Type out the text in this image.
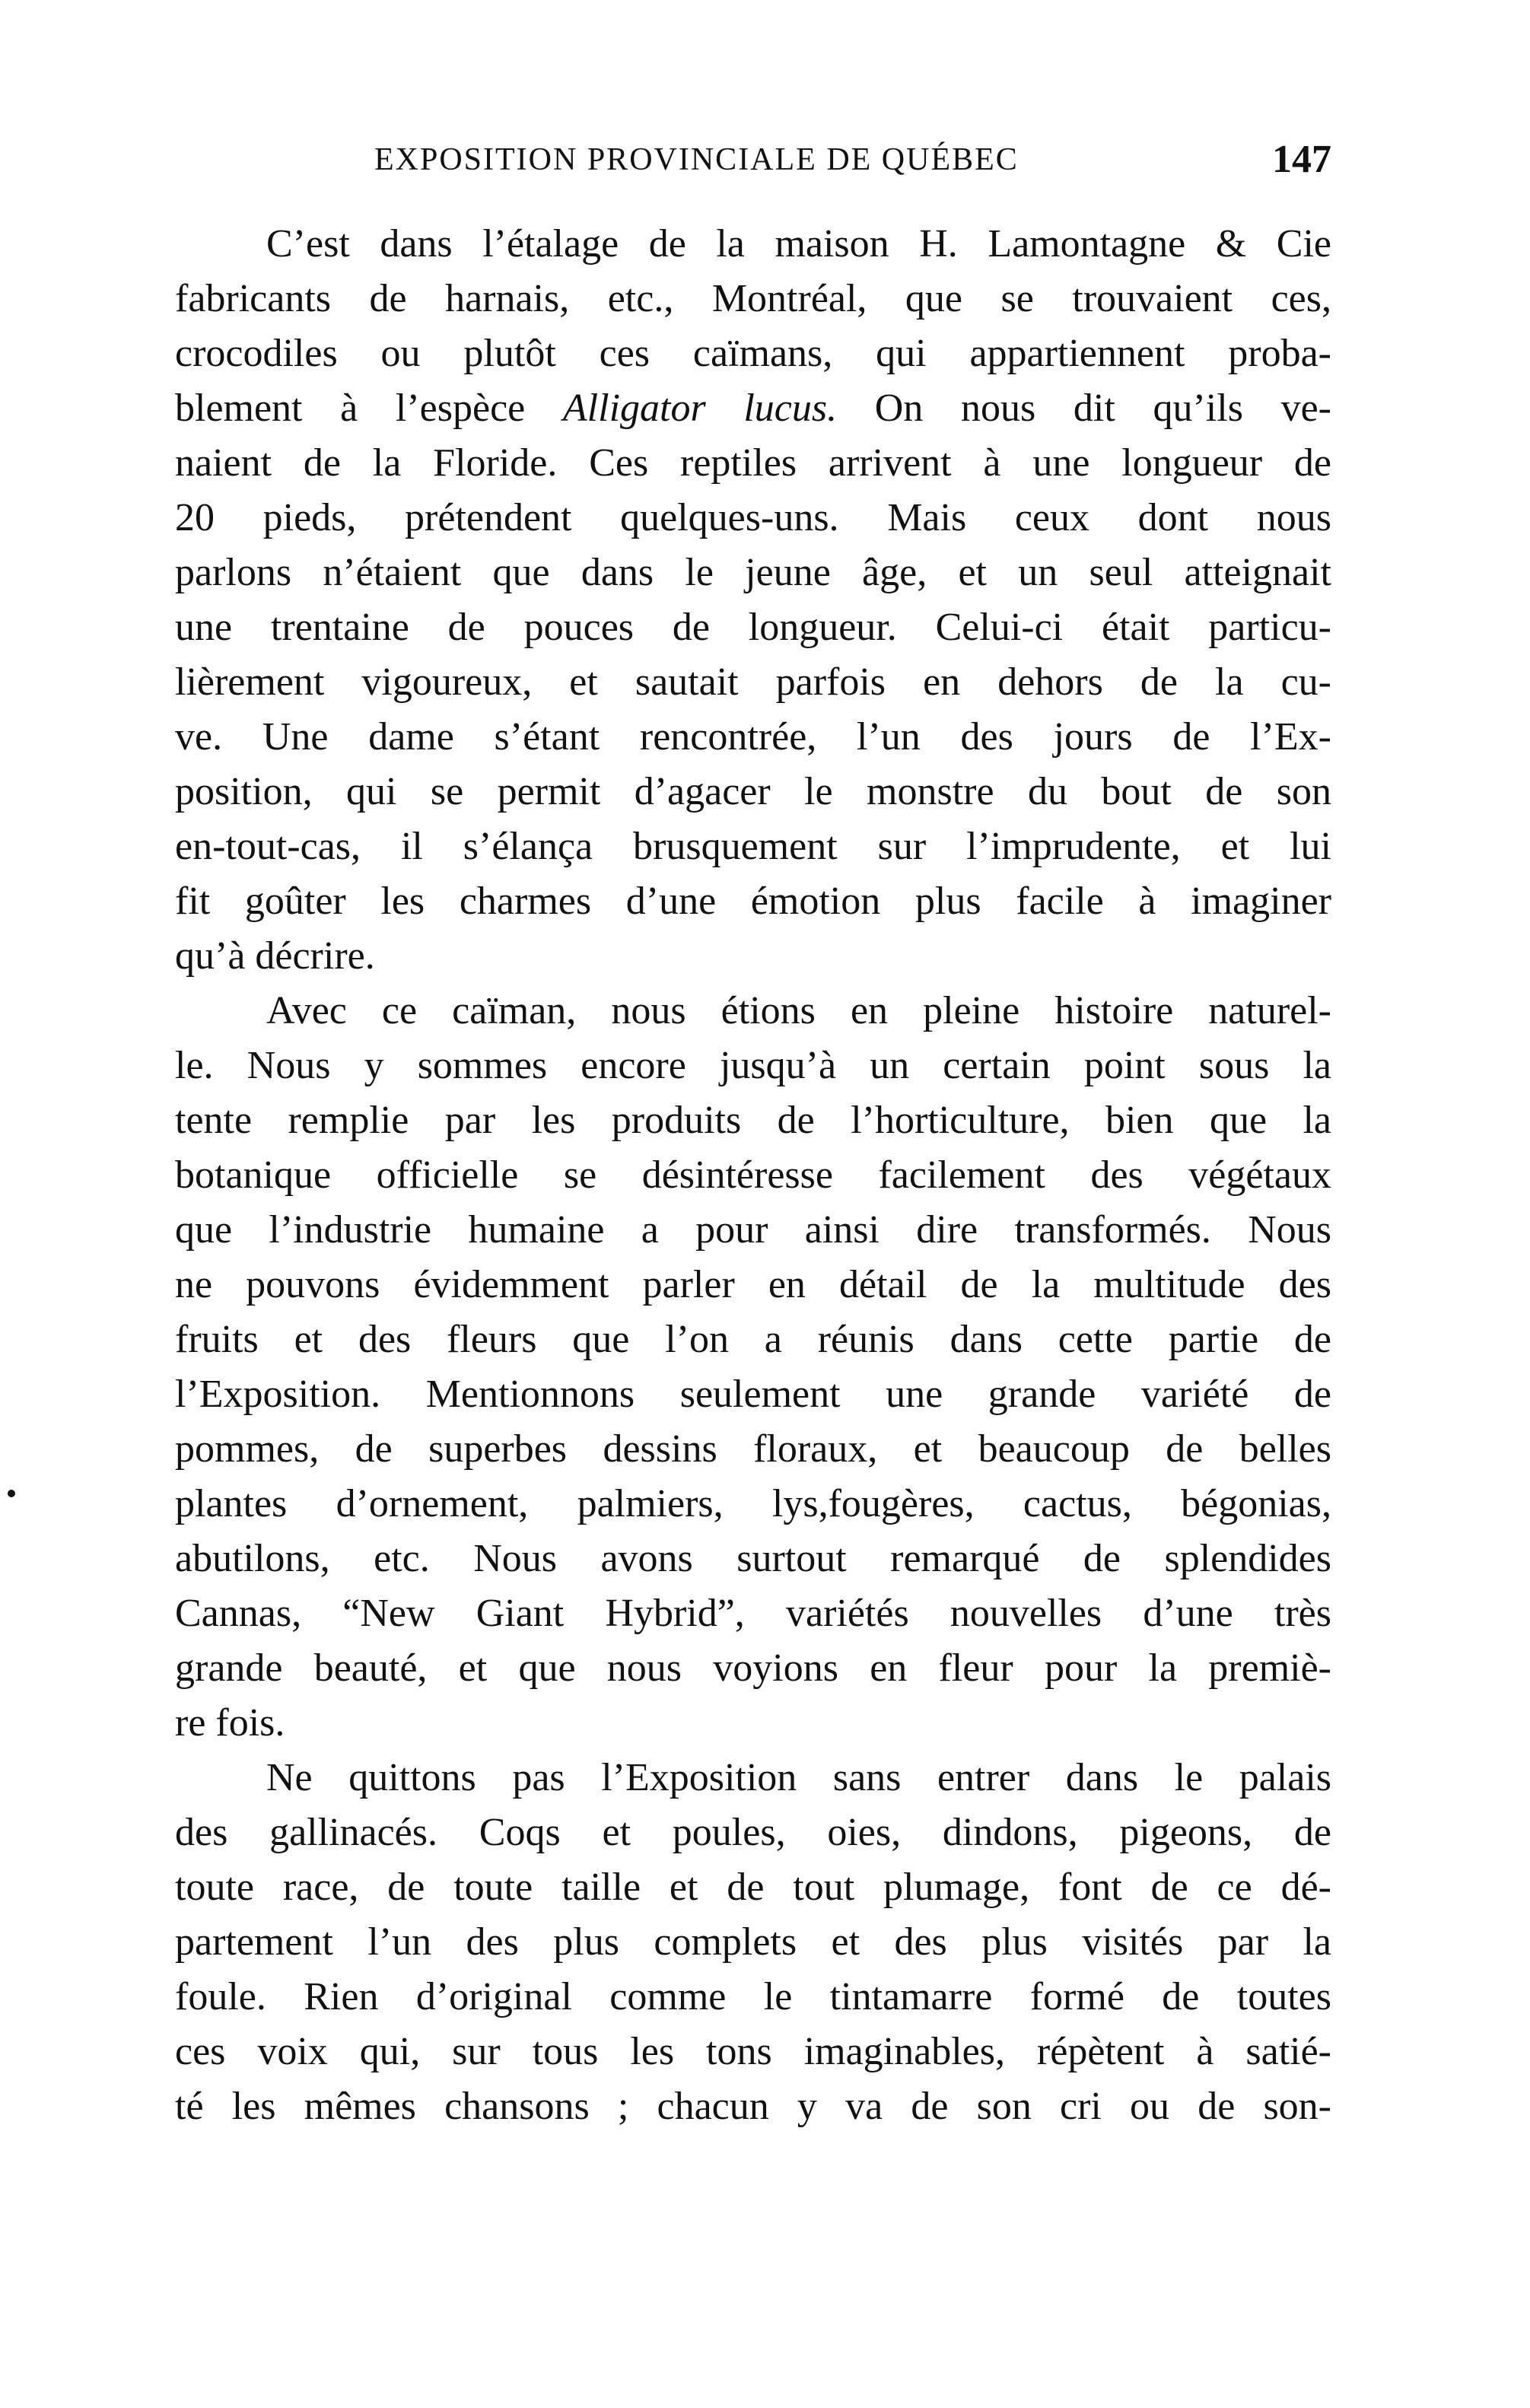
EXPOSITION PROVINCIALE DE QUÉBEC	147
C’est dans l’étalage de la maison H. Lamontagne & Cie
fabricants de harnais, etc., Montréal, que se trouvaient ces,
crocodiles ou plutôt ces caïmans, qui appartiennent proba-
blement à l’espèce Alligator lucus. On nous dit qu’ils ve-
naient de la Floride. Ces reptiles arrivent à une longueur de
20 pieds, prétendent quelques-uns. Mais ceux dont nous
parlons n’étaient que dans le jeune âge, et un seul atteignait
une trentaine de pouces de longueur. Celui-ci était particu-
lièrement vigoureux, et sautait parfois en dehors de la cu-
ve. Une dame s’étant rencontrée, l’un des jours de l’Ex-
position, qui se permit d’agacer le monstre du bout de son
en-tout-cas, il s’élança brusquement sur l’imprudente, et lui
fit goûter les charmes d’une émotion plus facile à imaginer
qu’à décrire.
Avec ce caïman, nous étions en pleine histoire naturel-
le. Nous y sommes encore jusqu’à un certain point sous la
tente remplie par les produits de l’horticulture, bien que la
botanique officielle se désintéresse facilement des végétaux
que l’industrie humaine a pour ainsi dire transformés. Nous
ne pouvons évidemment parler en détail de la multitude des
fruits et des fleurs que l’on a réunis dans cette partie de
l’Exposition. Mentionnons seulement une grande variété de
pommes, de superbes dessins floraux, et beaucoup de belles
plantes d’ornement, palmiers, lys,fougères, cactus, bégonias,
abutilons, etc. Nous avons surtout remarqué de splendides
Cannas, “New Giant Hybrid”, variétés nouvelles d’une très
grande beauté, et que nous voyions en fleur pour la premiè-
re fois.
Ne quittons pas l’Exposition sans entrer dans le palais
des gallinacés. Coqs et poules, oies, dindons, pigeons, de
toute race, de toute taille et de tout plumage, font de ce dé-
partement l’un des plus complets et des plus visités par la
foule. Rien d’original comme le tintamarre formé de toutes
ces voix qui, sur tous les tons imaginables, répètent à satié-
té les mêmes chansons ; chacun y va de son cri ou de son-
